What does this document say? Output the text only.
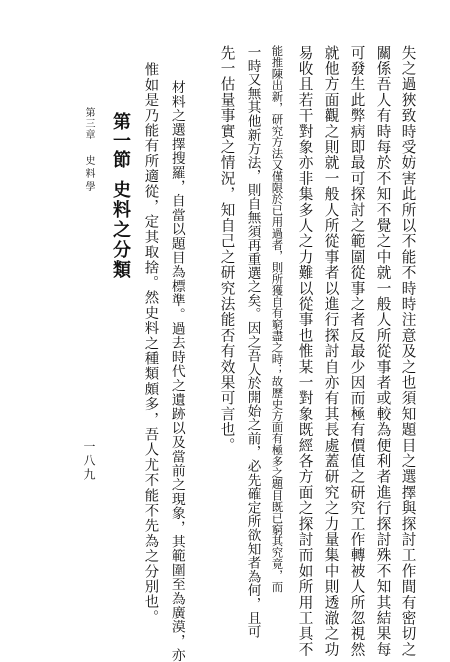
失之過狹致時受妨害此所以不能不時時注意及之也須知題目之選擇與探討工作間有密切之
關係吾人有時每於不知不覺之中就一般人所從事者或較為便利者進行探討殊不知其結果每
可發生此弊病即最可探討之範圍從事之者反最少因而極有價值之研究工作轉被人所忽視然
就他方面觀之則就一般人所從事者以進行探討自亦有其長處蓋研究之力量集中則透澈之功
易收且若干對象亦非集多人之力難以從事也惟某一對象既經各方面之探討而如所用工具不
能推陳出新，研究方法又僅限於已用過者，則所獲自有窮盡之時；故歷史方面有極多之題目既已窮其究竟，而
一時又無其他新方法，則自無須再重選之矣。因之吾人於開始之前，必先確定所欲知者為何，且可
先一估量事實之情況，知自己之研究法能否有效果可言也。
材料之選擇搜羅，自當以題目為標準。過去時代之遺跡以及當前之現象，其範圍至為廣漠，亦
惟如是乃能有所適從，定其取捨。然史料之種類頗多，吾人尤不能不先為之分別也。
第一節
史料之分類
第三章
史料學
一八九
